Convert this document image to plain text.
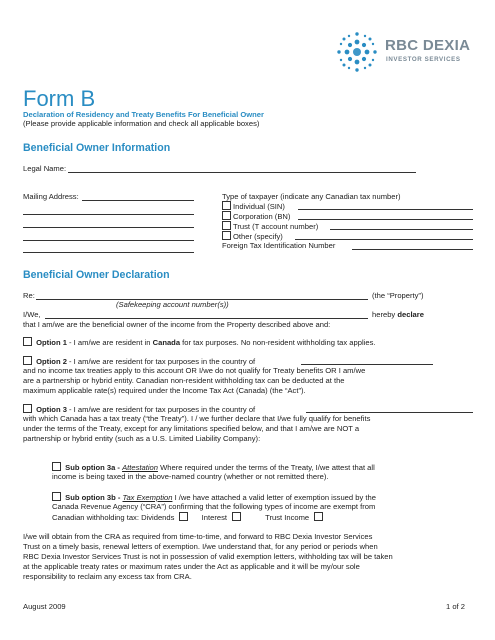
RBC DEXIA
INVESTOR SERVICES
Form B
Declaration of Residency and Treaty Benefits For Beneficial Owner
(Please provide applicable information and check all applicable boxes)
Beneficial Owner Information
Legal Name:
Mailing Address:	Type of taxpayer (indicate any Canadian tax number)
Individual (SIN)
Corporation (BN)
Trust (T account number)
Other (specify)
Foreign Tax Identification Number
Beneficial Owner Declaration
Re:	(the “Property”)
(Safekeeping account number(s))
I/We,	hereby declare
that I am/we are the beneficial owner of the income from the Property described above and:
Option 1 - I am/we are resident in Canada for tax purposes. No non-resident withholding tax applies.
Option 2 - I am/we are resident for tax purposes in the country of
and no income tax treaties apply to this account OR I/we do not qualify for Treaty benefits OR I am/we
are a partnership or hybrid entity. Canadian non-resident withholding tax can be deducted at the
maximum applicable rate(s) required under the Income Tax Act (Canada) (the “Act”).
Option 3 - I am/we are resident for tax purposes in the country of
with which Canada has a tax treaty (“the Treaty”). I / we further declare that I/we fully qualify for benefits
under the terms of the Treaty, except for any limitations specified below, and that I am/we are NOT a
partnership or hybrid entity (such as a U.S. Limited Liability Company):
Sub option 3a - Attestation Where required under the terms of the Treaty, I/we attest that all
income is being taxed in the above-named country (whether or not remitted there).
Sub option 3b - Tax Exemption I /we have attached a valid letter of exemption issued by the
Canada Revenue Agency (“CRA”) confirming that the following types of income are exempt from
Canadian withholding tax: Dividends	Interest	Trust Income
I/we will obtain from the CRA as required from time-to-time, and forward to RBC Dexia Investor Services
Trust on a timely basis, renewal letters of exemption. I/we understand that, for any period or periods when
RBC Dexia Investor Services Trust is not in possession of valid exemption letters, withholding tax will be taken
at the applicable treaty rates or maximum rates under the Act as applicable and it will be my/our sole
responsibility to reclaim any excess tax from CRA.
August 2009	1 of 2
